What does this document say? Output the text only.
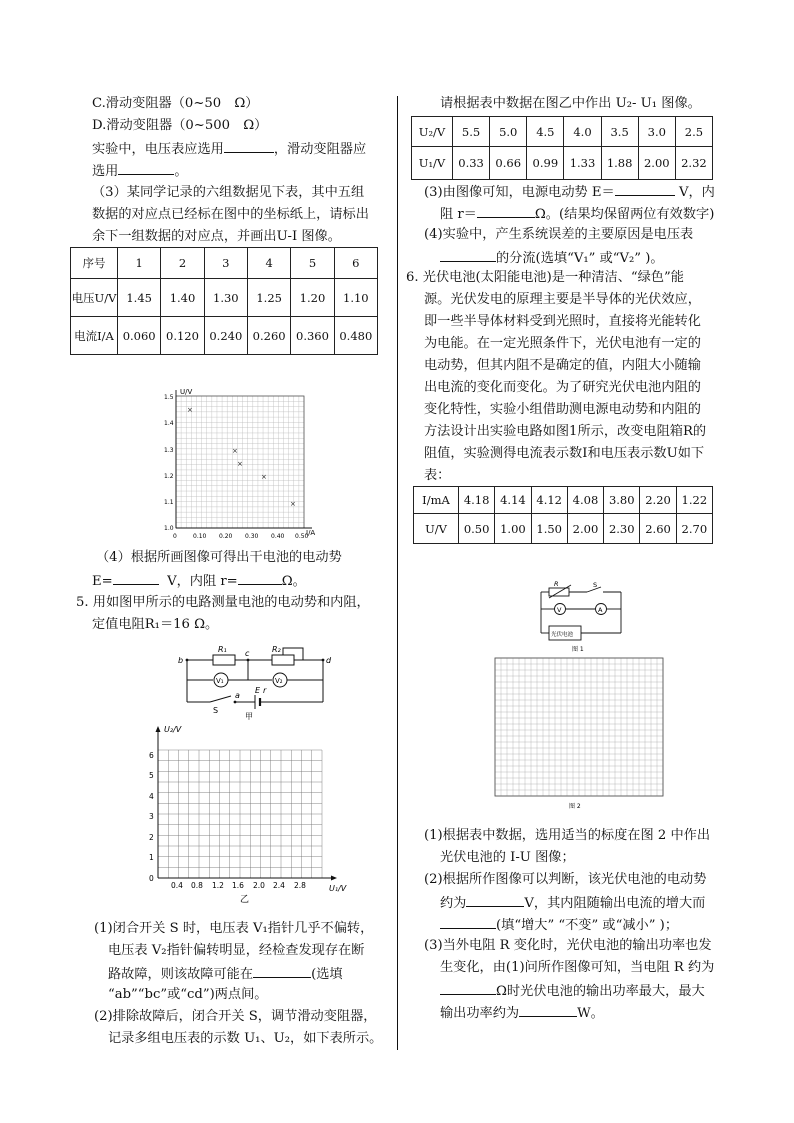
C.滑动变阻器（0~50　Ω）
D.滑动变阻器（0~500　Ω）
实验中，电压表应选用	，滑动变阻器应
选用	。
（3）某同学记录的六组数据见下表，其中五组
数据的对应点已经标在图中的坐标纸上，请标出
余下一组数据的对应点，并画出U-I 图像。
序号	1	2	3	4	5	6
电压U/V	1.45	1.40	1.30	1.25	1.20	1.10
电流I/A	0.060	0.120	0.240	0.260	0.360	0.480
U/V
I/A
1.5
1.4
1.3
1.2
1.1
1.0
0	0.10 0.20 0.30 0.40 0.50
×
×
×
×
×
（4）根据所画图像可得出干电池的电动势
E=	V，内阻 r=	Ω。
5. 用如图甲所示的电路测量电池的电动势和内阻，
定值电阻R₁＝16 Ω。
b
c
d
a
R₁	R₂
E r
V₁	V₂
S
甲
U₂/V
U₁/V
6
5
4
3
2
1
0
0.4 0.8 1.2 1.6 2.0 2.4 2.8
乙
(1)闭合开关 S 时，电压表 V₁指针几乎不偏转，
电压表 V₂指针偏转明显，经检查发现存在断
路故障，则该故障可能在	(选填
“ab”“bc”或“cd”)两点间。
(2)排除故障后，闭合开关 S，调节滑动变阻器，
记录多组电压表的示数 U₁、U₂，如下表所示。
请根据表中数据在图乙中作出 U₂- U₁ 图像。
U₂/V	5.5	5.0	4.5	4.0	3.5	3.0	2.5
U₁/V	0.33	0.66	0.99	1.33	1.88	2.00	2.32
(3)由图像可知，电源电动势 E＝	V，内
阻 r＝	Ω。(结果均保留两位有效数字)
(4)实验中，产生系统误差的主要原因是电压表
的分流(选填“V₁” 或“V₂” )。
6. 光伏电池(太阳能电池)是一种清洁、“绿色”能
源。光伏发电的原理主要是半导体的光伏效应，
即一些半导体材料受到光照时，直接将光能转化
为电能。在一定光照条件下，光伏电池有一定的
电动势，但其内阻不是确定的值，内阻大小随输
出电流的变化而变化。为了研究光伏电池内阻的
变化特性，实验小组借助测电源电动势和内阻的
方法设计出实验电路如图1所示，改变电阻箱R的
阻值，实验测得电流表示数I和电压表示数U如下
表：
I/mA	4.18	4.14	4.12	4.08	3.80	2.20	1.22
U/V	0.50	1.00	1.50	2.00	2.30	2.60	2.70
R	S
V	A
光伏电池
图 1
图 2
(1)根据表中数据，选用适当的标度在图 2 中作出
光伏电池的 I-U 图像；
(2)根据所作图像可以判断，该光伏电池的电动势
约为	V，其内阻随输出电流的增大而
(填“增大” “不变” 或“减小” )；
(3)当外电阻 R 变化时，光伏电池的输出功率也发
生变化，由(1)问所作图像可知，当电阻 R 约为
Ω时光伏电池的输出功率最大，最大
输出功率约为	W。
